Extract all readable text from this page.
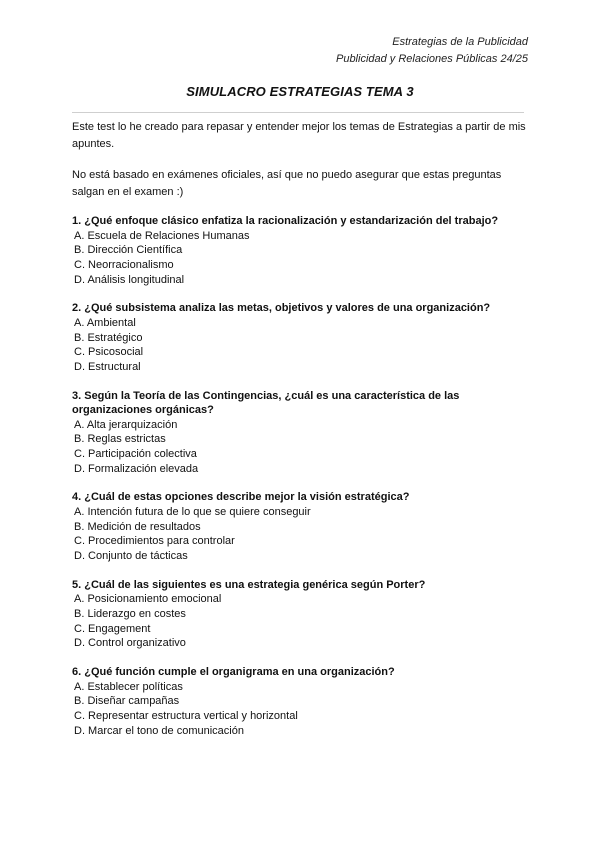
Estrategias de la Publicidad
Publicidad y Relaciones Públicas 24/25
SIMULACRO ESTRATEGIAS TEMA 3

Este test lo he creado para repasar y entender mejor los temas de Estrategias a partir de mis apuntes.

No está basado en exámenes oficiales, así que no puedo asegurar que estas preguntas salgan en el examen :)

1. ¿Qué enfoque clásico enfatiza la racionalización y estandarización del trabajo?

A. Escuela de Relaciones Humanas
B. Dirección Científica
C. Neorracionalismo
D. Análisis longitudinal

2. ¿Qué subsistema analiza las metas, objetivos y valores de una organización?

A. Ambiental
B. Estratégico
C. Psicosocial
D. Estructural

3. Según la Teoría de las Contingencias, ¿cuál es una característica de las organizaciones orgánicas?

A. Alta jerarquización
B. Reglas estrictas
C. Participación colectiva
D. Formalización elevada

4. ¿Cuál de estas opciones describe mejor la visión estratégica?

A. Intención futura de lo que se quiere conseguir
B. Medición de resultados
C. Procedimientos para controlar
D. Conjunto de tácticas

5. ¿Cuál de las siguientes es una estrategia genérica según Porter?

A. Posicionamiento emocional
B. Liderazgo en costes
C. Engagement
D. Control organizativo

6. ¿Qué función cumple el organigrama en una organización?

A. Establecer políticas
B. Diseñar campañas
C. Representar estructura vertical y horizontal
D. Marcar el tono de comunicación
